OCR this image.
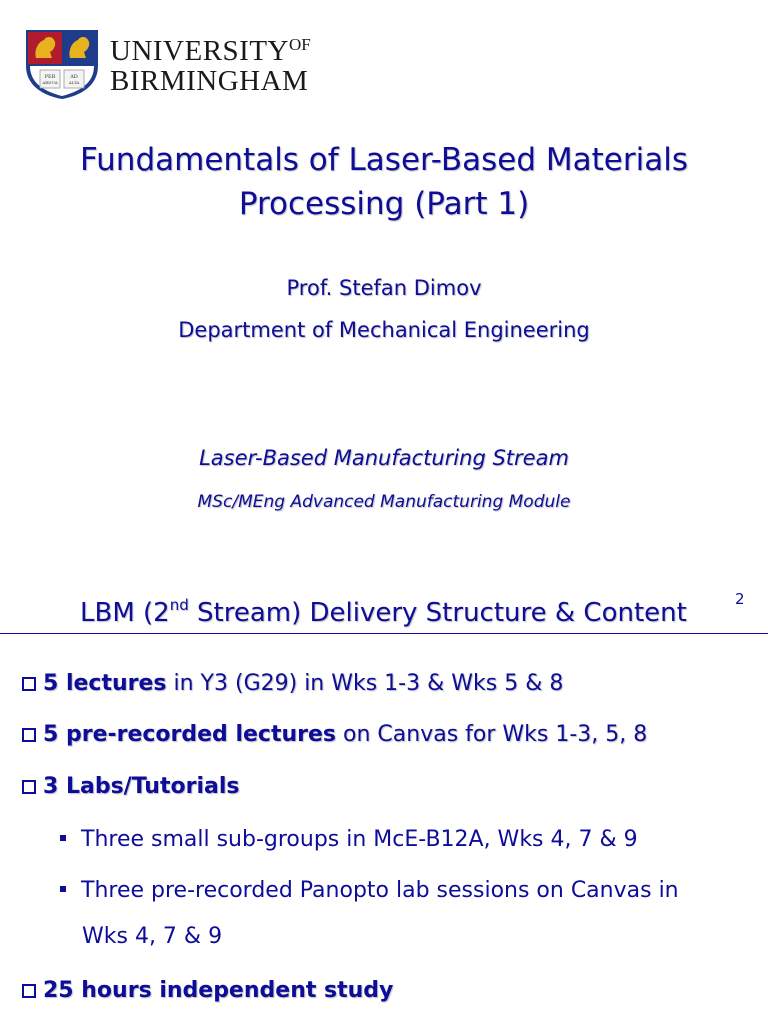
PER
ARDUA
AD
ALTA
$UNIVERSITY^{OF}$
BIRMINGHAM
Fundamentals of Laser-Based Materials
Processing (Part 1)
Prof. Stefan Dimov
Department of Mechanical Engineering
Laser-Based Manufacturing Stream
MSc/MEng Advanced Manufacturing Module
LBM (2nd Stream) Delivery Structure & Content	2
5 lectures in Y3 (G29) in Wks 1-3 & Wks 5 & 8
5 pre-recorded lectures on Canvas for Wks 1-3, 5, 8
3 Labs/Tutorials
Three small sub-groups in McE-B12A, Wks 4, 7 & 9
Three pre-recorded Panopto lab sessions on Canvas in
Wks 4, 7 & 9
25 hours independent study
